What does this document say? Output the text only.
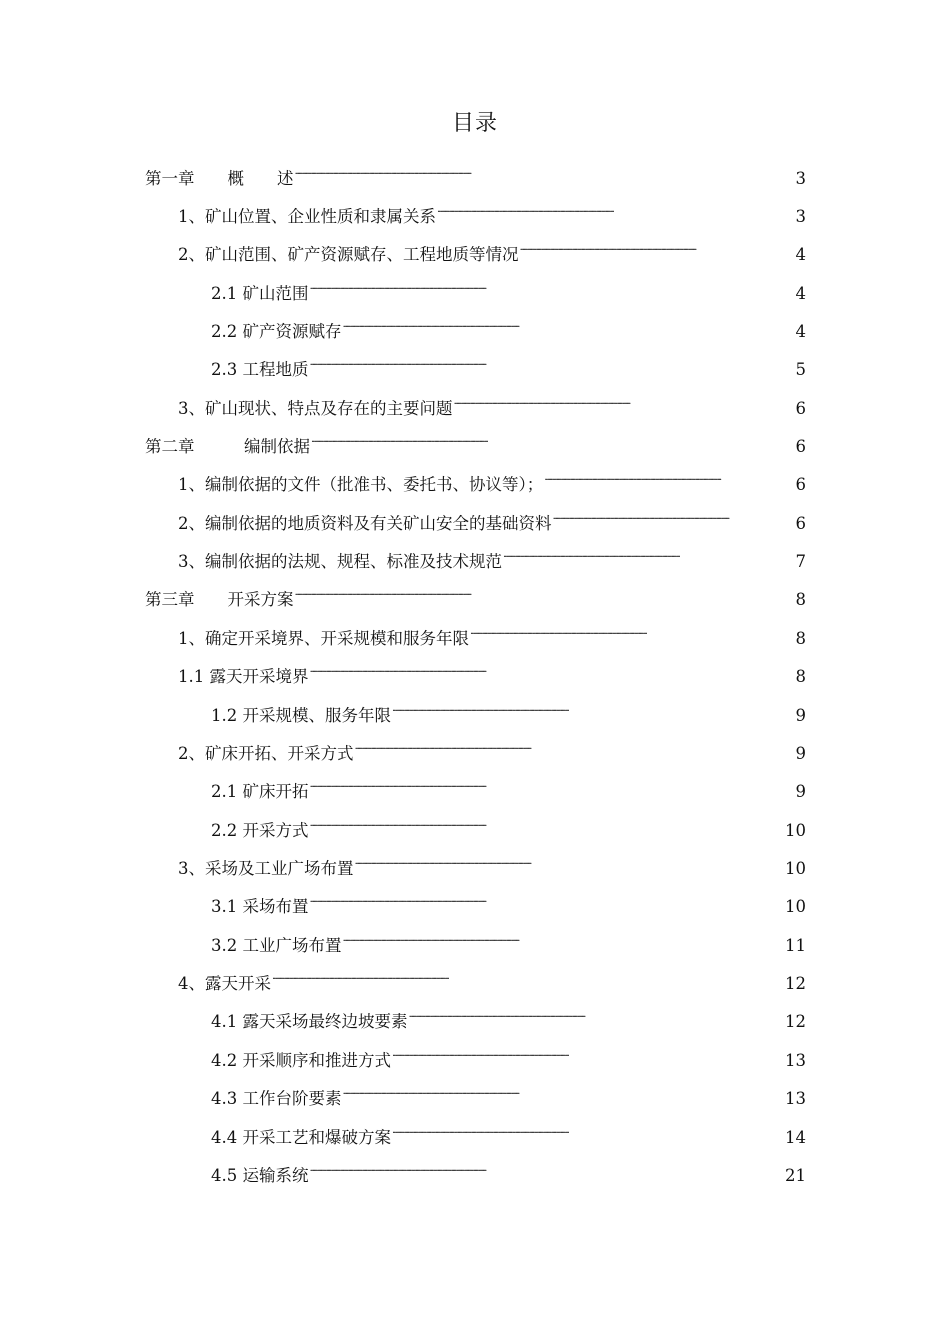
目录
第一章　　概　　述 . . .	3
1、矿山位置、企业性质和隶属关系 . . .	3
2、矿山范围、矿产资源赋存、工程地质等情况 . . .	4
2.1 矿山范围 . . .	4
2.2 矿产资源赋存 . . .	4
2.3 工程地质 . . .	5
3、矿山现状、特点及存在的主要问题 . . .	6
第二章　　　编制依据 . . .	6
1、编制依据的文件（批准书、委托书、协议等）； . . .	6
2、编制依据的地质资料及有关矿山安全的基础资料 . . .	6
3、编制依据的法规、规程、标准及技术规范 . . .	7
第三章　　开采方案 . . .	8
1、确定开采境界、开采规模和服务年限 . . .	8
1.1 露天开采境界 . . .	8
1.2 开采规模、服务年限 . . .	9
2、矿床开拓、开采方式 . . .	9
2.1 矿床开拓 . . .	9
2.2 开采方式 . . .	10
3、采场及工业广场布置 . . .	10
3.1 采场布置 . . .	10
3.2 工业广场布置 . . .	11
4、露天开采 . . .	12
4.1 露天采场最终边坡要素 . . .	12
4.2 开采顺序和推进方式 . . .	13
4.3 工作台阶要素 . . .	13
4.4 开采工艺和爆破方案 . . .	14
4.5 运输系统 . . .	21
